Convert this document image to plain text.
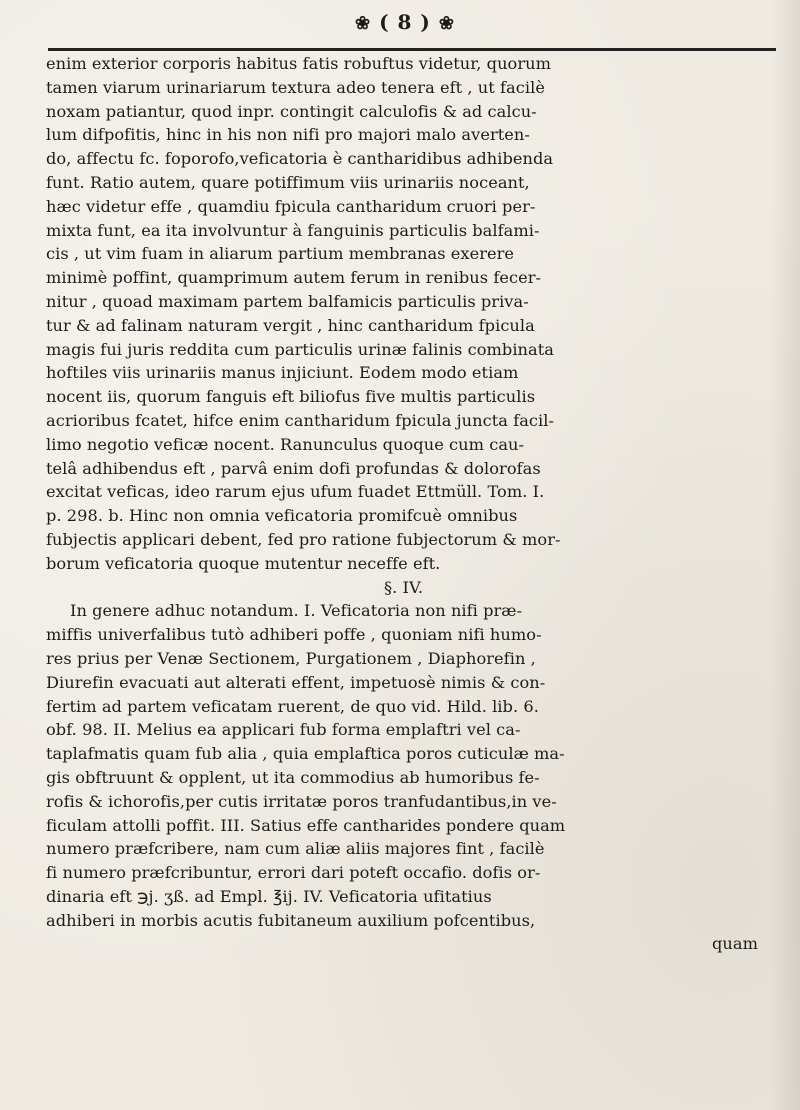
❀ ( 8 ) ❀
enim exterior corporis habitus fatis robuftus videtur, quorum
tamen viarum urinariarum textura adeo tenera eft , ut facilè
noxam patiantur, quod inpr. contingit calculofis & ad calcu-
lum difpofitis, hinc in his non nifi pro majori malo averten-
do, affectu fc. foporofo,veficatoria è cantharidibus adhibenda
funt. Ratio autem, quare potiffimum viis urinariis noceant,
hæc videtur effe , quamdiu fpicula cantharidum cruori per-
mixta funt, ea ita involvuntur à fanguinis particulis balfami-
cis , ut vim fuam in aliarum partium membranas exerere
minimè poffint, quamprimum autem ferum in renibus fecer-
nitur , quoad maximam partem balfamicis particulis priva-
tur & ad falinam naturam vergit , hinc cantharidum fpicula
magis fui juris reddita cum particulis urinæ falinis combinata
hoftiles viis urinariis manus injiciunt. Eodem modo etiam
nocent iis, quorum fanguis eft biliofus five multis particulis
acrioribus fcatet, hifce enim cantharidum fpicula juncta facil-
limo negotio veficæ nocent. Ranunculus quoque cum cau-
telâ adhibendus eft , parvâ enim dofi profundas & dolorofas
excitat veficas, ideo rarum ejus ufum fuadet Ettmüll. Tom. I.
p. 298. b. Hinc non omnia veficatoria promifcuè omnibus
fubjectis applicari debent, fed pro ratione fubjectorum & mor-
borum veficatoria quoque mutentur neceffe eft.
§. IV.
In genere adhuc notandum. I. Veficatoria non nifi præ-
miffis univerfalibus tutò adhiberi poffe , quoniam nifi humo-
res prius per Venæ Sectionem, Purgationem , Diaphorefin ,
Diurefin evacuati aut alterati effent, impetuosè nimis & con-
fertim ad partem veficatam ruerent, de quo vid. Hild. lib. 6.
obf. 98. II. Melius ea applicari fub forma emplaftri vel ca-
taplafmatis quam fub alia , quia emplaftica poros cuticulæ ma-
gis obftruunt & opplent, ut ita commodius ab humoribus fe-
rofis & ichorofis,per cutis irritatæ poros tranfudantibus,in ve-
ficulam attolli poffit. III. Satius effe cantharides pondere quam
numero præfcribere, nam cum aliæ aliis majores fint , facilè
fi numero præfcribuntur, errori dari poteft occafio. dofis or-
dinaria eft ℈j. ʒß. ad Empl. ℥ij. IV. Veficatoria ufitatius
adhiberi in morbis acutis fubitaneum auxilium pofcentibus,
quam
